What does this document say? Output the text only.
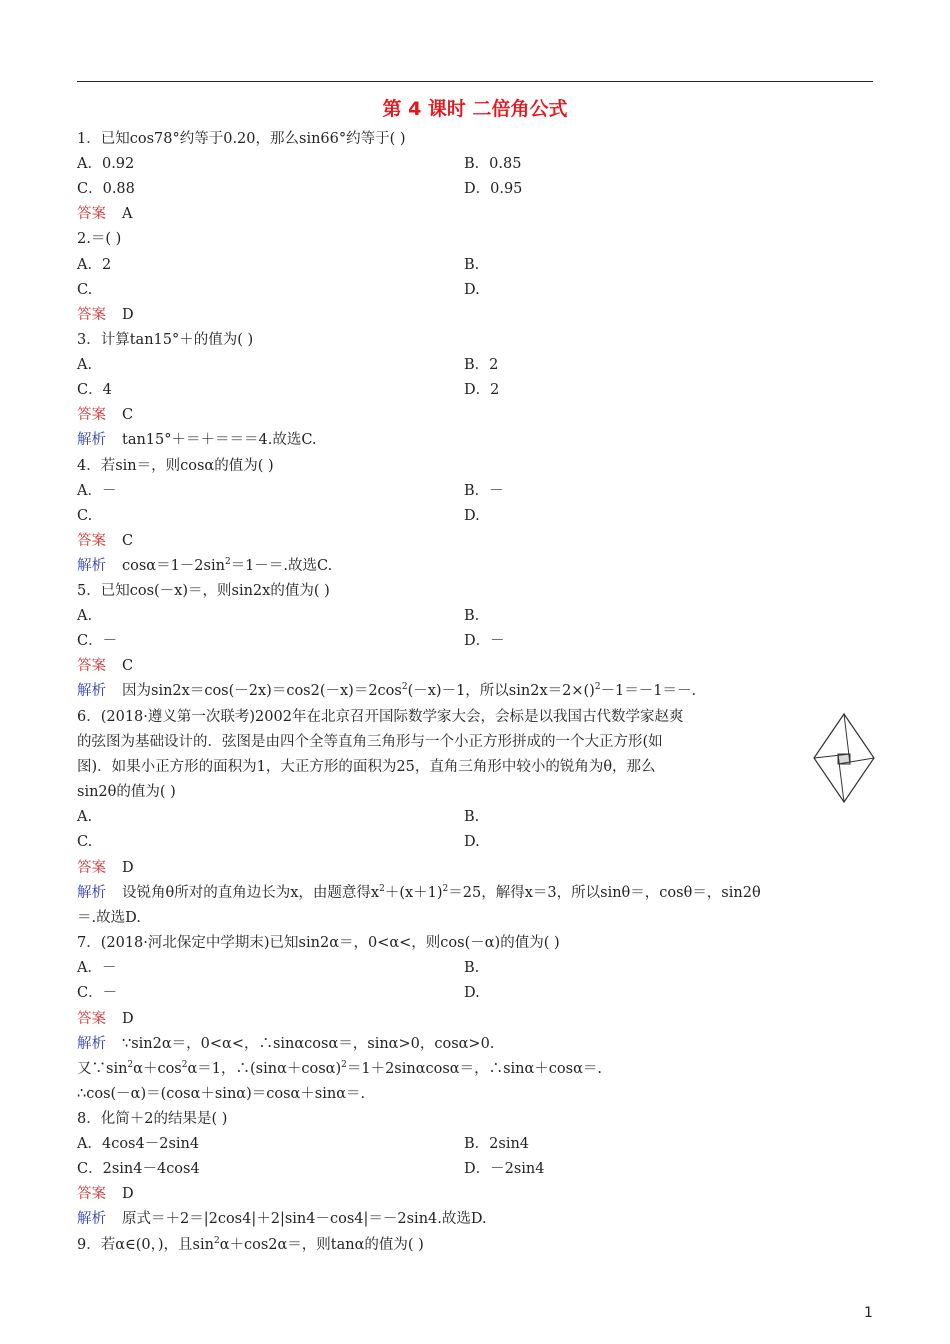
第 4 课时 二倍角公式
1．已知cos78°约等于0.20，那么sin66°约等于( )
A．0.92	B．0.85
C．0.88	D．0.95
答案 A
2.＝( )
A．2	B.
C.	D.
答案 D
3．计算tan15°＋的值为( )
A.	B．2
C．4	D．2
答案 C
解析 tan15°＋＝＋＝＝＝4.故选C.
4．若sin＝，则cosα的值为( )
A．－	B．－
C.	D.
答案 C
解析 $\cos\alpha=1-2\sin^2=1-=$.故选C.
5．已知cos(－x)＝，则sin2x的值为( )
A.	B.
C．－	D．－
答案 C
解析 因为$\sin 2x=\cos(-2x)=\cos 2(-x)=2\cos^2(-x)-1$，所以sin2x＝2×()$^2$－1＝－1＝－.
6．(2018·遵义第一次联考)2002年在北京召开国际数学家大会，会标是以我国古代数学家赵爽
的弦图为基础设计的．弦图是由四个全等直角三角形与一个小正方形拼成的一个大正方形(如
图)．如果小正方形的面积为1，大正方形的面积为25，直角三角形中较小的锐角为θ，那么
sin2θ的值为( )
A.	B.
C.	D.
答案 D
解析 设锐角θ所对的直角边长为x，由题意得$x^2+(x+1)^2=25$，解得x＝3，所以sinθ＝，cosθ＝，sin2θ
＝.故选D.
7．(2018·河北保定中学期末)已知sin2α＝，0<α<，则cos(－α)的值为( )
A．－	B.
C．－	D.
答案 D
解析 ∵sin2α＝，0<α<，∴sinαcosα＝，sinα>0，cosα>0.
又$\because\sin^2\alpha+\cos^2\alpha=1$，$\therefore(\sin\alpha+\cos\alpha)^2=1+2\sin\alpha\cos\alpha=$，∴sinα＋cosα＝.
∴cos(－α)＝(cosα＋sinα)＝cosα＋sinα＝.
8．化简＋2的结果是( )
A．4cos4－2sin4	B．2sin4
C．2sin4－4cos4	D．－2sin4
答案 D
解析 原式＝＋2＝|2cos4|＋2|sin4－cos4|＝－2sin4.故选D.
9．若α∈(0，)，且$\sin^2\alpha+\cos 2\alpha=$，则tanα的值为( )
1
